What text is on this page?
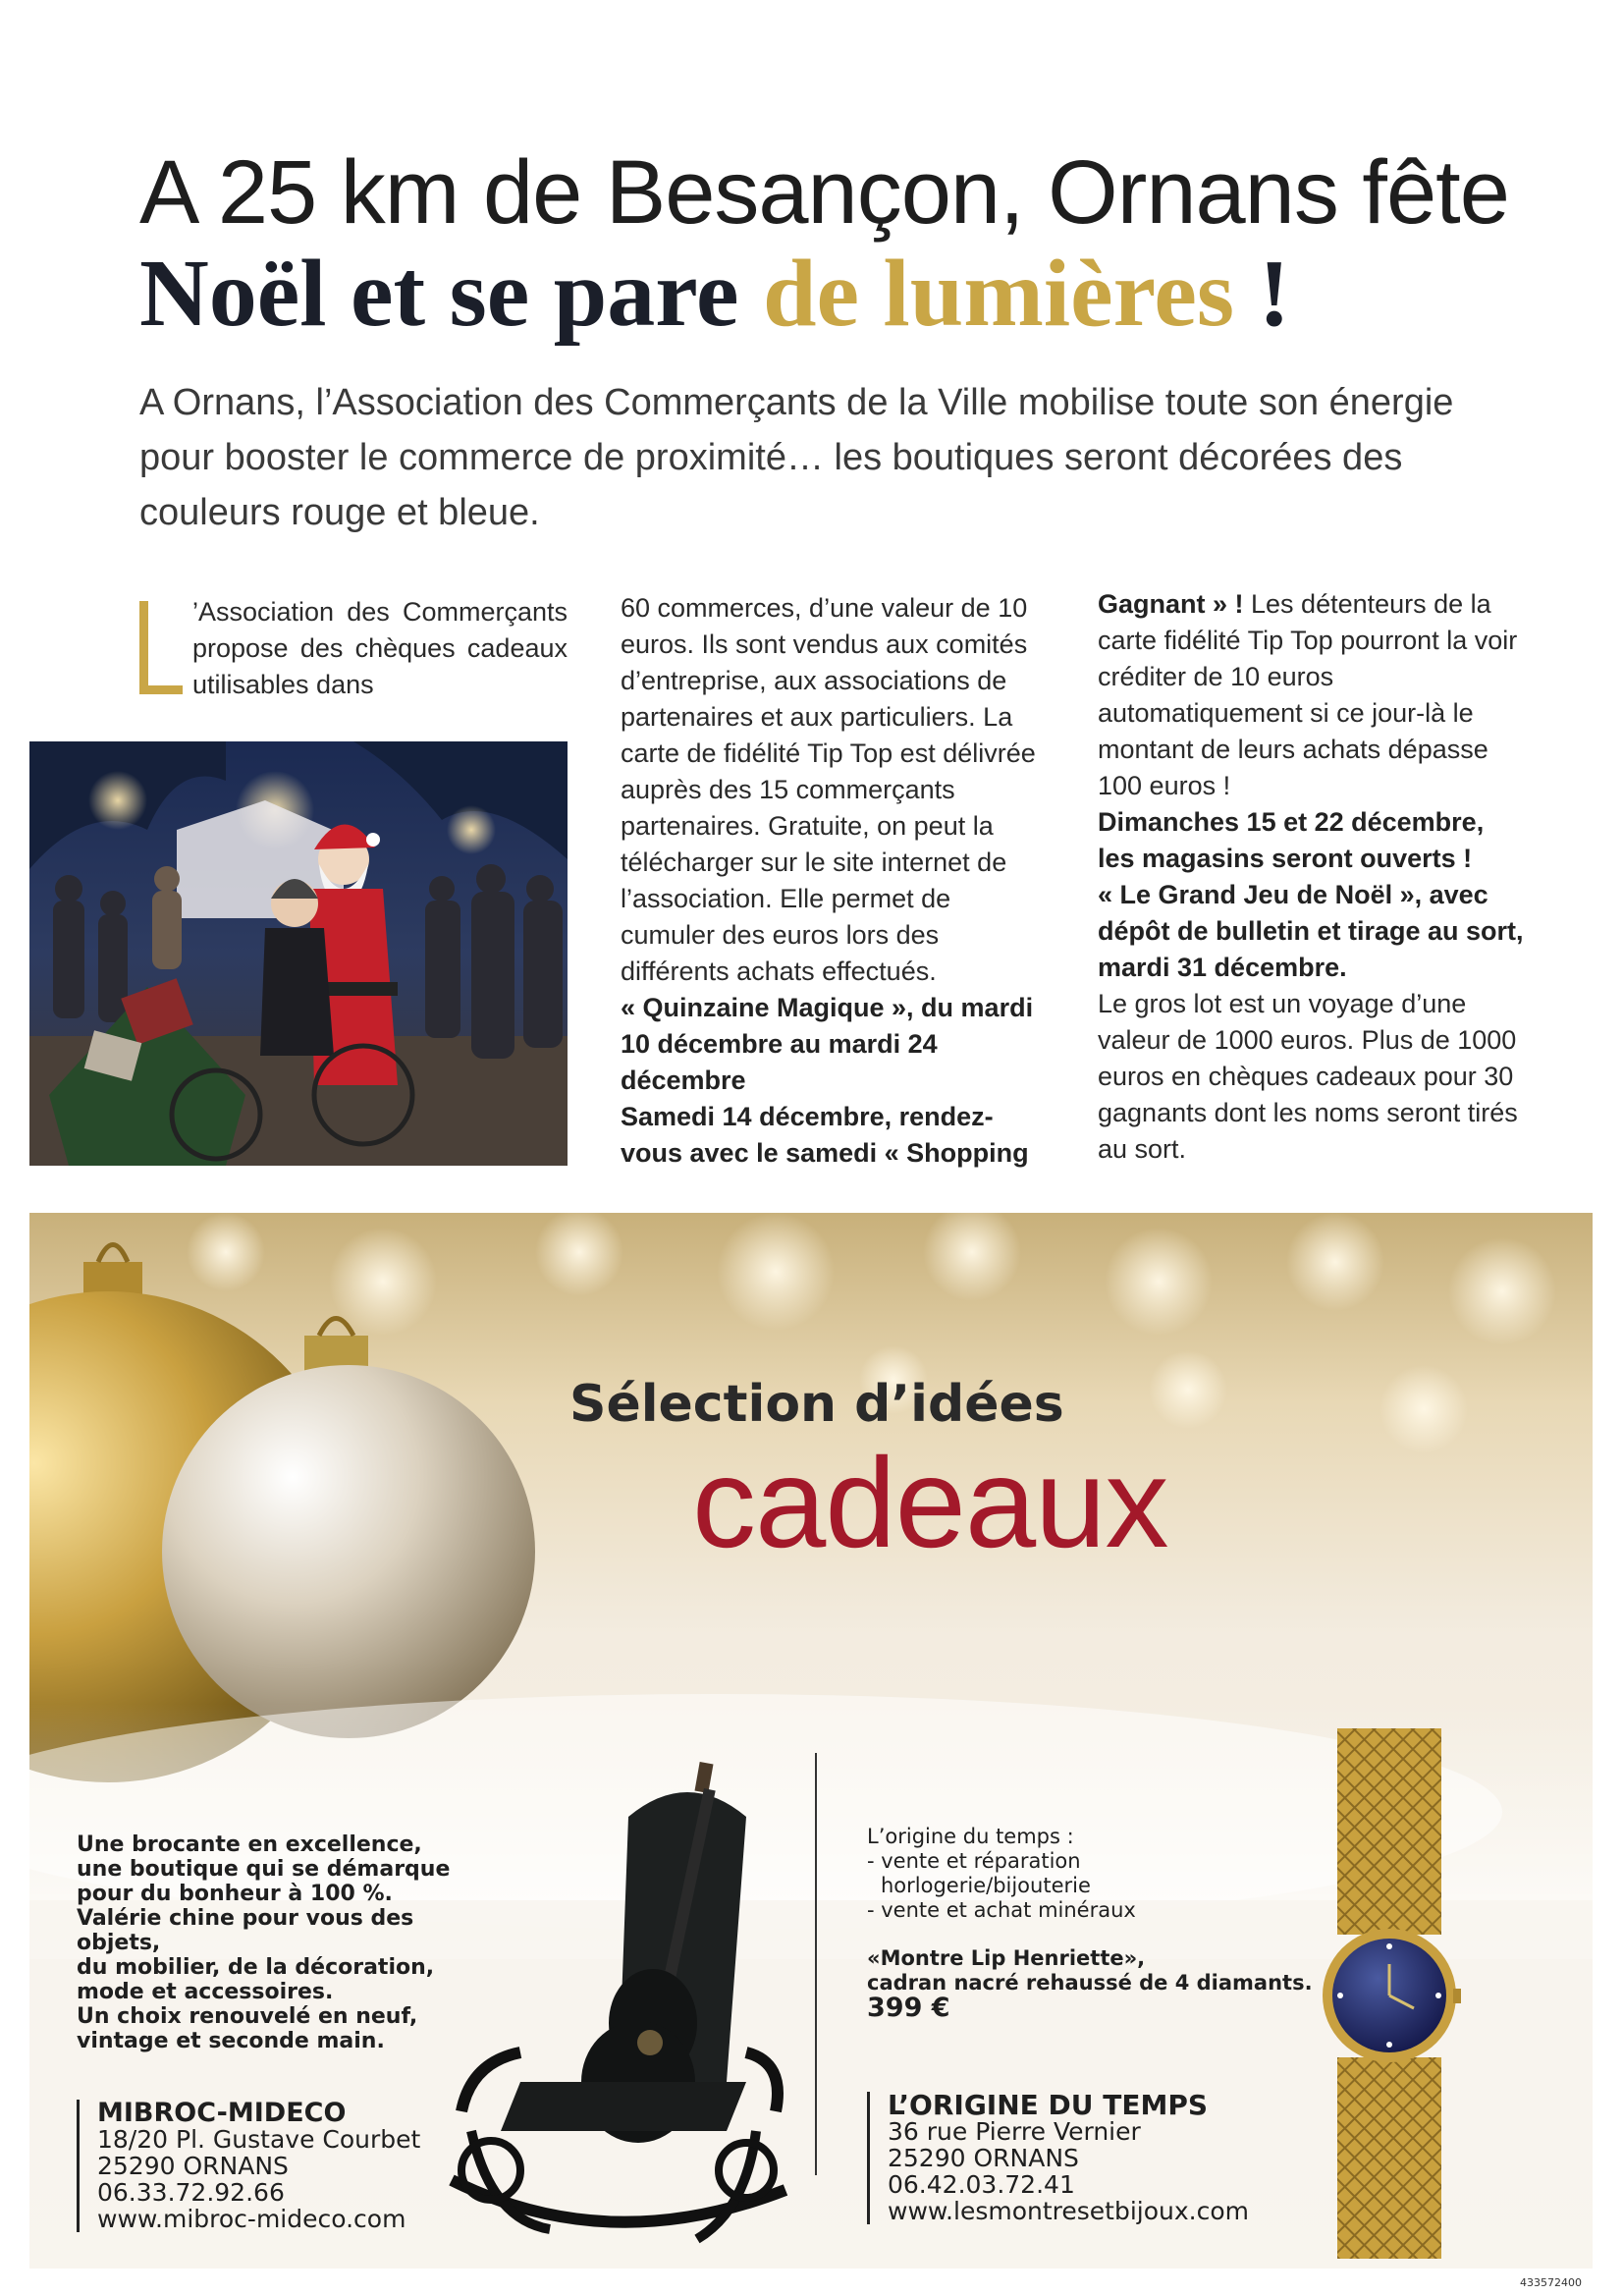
A 25 km de Besançon, Ornans fête
Noël et se pare de lumières !
A Ornans, l’Association des Commerçants de la Ville mobilise toute son énergie pour booster le commerce de proximité… les boutiques seront décorées des couleurs rouge et bleue.
’Association des Commerçants propose des chèques cadeaux utilisables dans

60 commerces, d’une valeur de 10 euros. Ils sont vendus aux comités d’entreprise, aux associations de partenaires et aux particuliers. La carte de fidélité Tip Top est délivrée auprès des 15 commerçants partenaires. Gratuite, on peut la télécharger sur le site internet de l’association. Elle permet de cumuler des euros lors des différents achats effectués.

« Quinzaine Magique », du mardi 10 décembre au mardi 24 décembre

Samedi 14 décembre, rendez-vous avec le samedi « Shopping

Gagnant » ! Les détenteurs de la carte fidélité Tip Top pourront la voir créditer de 10 euros automatiquement si ce jour-là le montant de leurs achats dépasse 100 euros !

Dimanches 15 et 22 décembre, les magasins seront ouverts !

« Le Grand Jeu de Noël », avec dépôt de bulletin et tirage au sort, mardi 31 décembre.

Le gros lot est un voyage d’une valeur de 1000 euros. Plus de 1000 euros en chèques cadeaux pour 30 gagnants dont les noms seront tirés au sort.

Sélection d’idées
cadeaux
Une brocante en excellence,
une boutique qui se démarque
pour du bonheur à 100 %.
Valérie chine pour vous des objets,
du mobilier, de la décoration,
mode et accessoires.
Un choix renouvelé en neuf,
vintage et seconde main.
MIBROC-MIDECO
18/20 Pl. Gustave Courbet
25290 ORNANS
06.33.72.92.66
www.mibroc-mideco.com
L’origine du temps :
- vente et réparation
horlogerie/bijouterie
- vente et achat minéraux
«Montre Lip Henriette»,
cadran nacré rehaussé de 4 diamants.
399 €
L’ORIGINE DU TEMPS
36 rue Pierre Vernier
25290 ORNANS
06.42.03.72.41
www.lesmontresetbijoux.com
433572400
